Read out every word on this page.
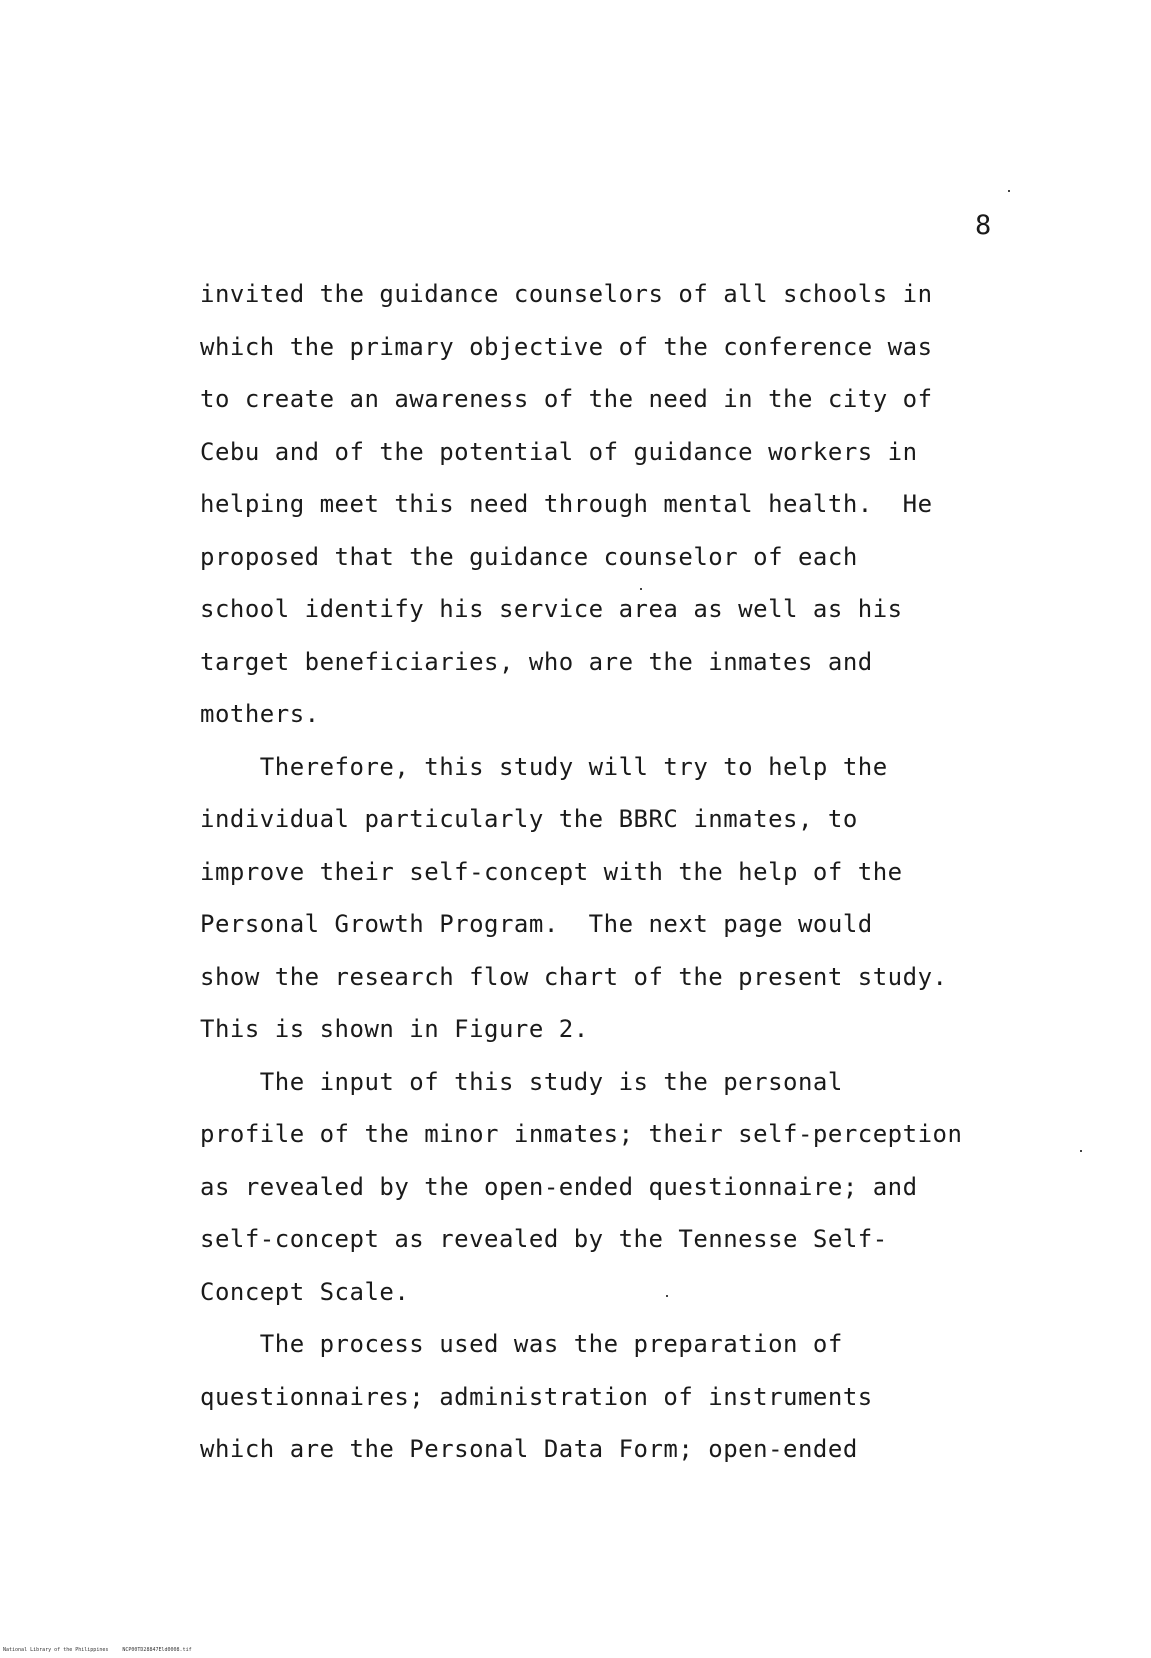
8
invited the guidance counselors of all schools in
which the primary objective of the conference was
to create an awareness of the need in the city of
Cebu and of the potential of guidance workers in
helping meet this need through mental health.  He
proposed that the guidance counselor of each
school identify his service area as well as his
target beneficiaries, who are the inmates and
mothers.
Therefore, this study will try to help the
individual particularly the BBRC inmates, to
improve their self-concept with the help of the
Personal Growth Program.  The next page would
show the research flow chart of the present study.
This is shown in Figure 2.
The input of this study is the personal
profile of the minor inmates; their self-perception
as revealed by the open-ended questionnaire; and
self-concept as revealed by the Tennesse Self-
Concept Scale.
The process used was the preparation of
questionnaires; administration of instruments
which are the Personal Data Form; open-ended
National Library of the Philippines	NCP00TD28847Eld0008.tif
